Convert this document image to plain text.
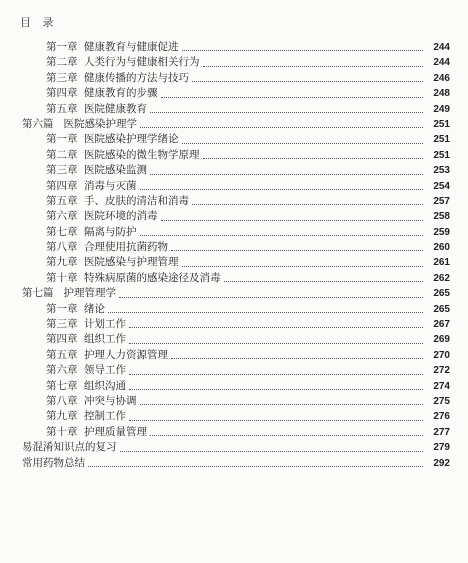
目 录
第一章 健康教育与健康促进	244
第二章 人类行为与健康相关行为	244
第三章 健康传播的方法与技巧	246
第四章 健康教育的步骤	248
第五章 医院健康教育	249
第六篇 医院感染护理学	251
第一章 医院感染护理学绪论	251
第二章 医院感染的微生物学原理	251
第三章 医院感染监测	253
第四章 消毒与灭菌	254
第五章 手、皮肤的清洁和消毒	257
第六章 医院环境的消毒	258
第七章 隔离与防护	259
第八章 合理使用抗菌药物	260
第九章 医院感染与护理管理	261
第十章 特殊病原菌的感染途径及消毒	262
第七篇 护理管理学	265
第一章 绪论	265
第三章 计划工作	267
第四章 组织工作	269
第五章 护理人力资源管理	270
第六章 领导工作	272
第七章 组织沟通	274
第八章 冲突与协调	275
第九章 控制工作	276
第十章 护理质量管理	277
易混淆知识点的复习	279
常用药物总结	292
